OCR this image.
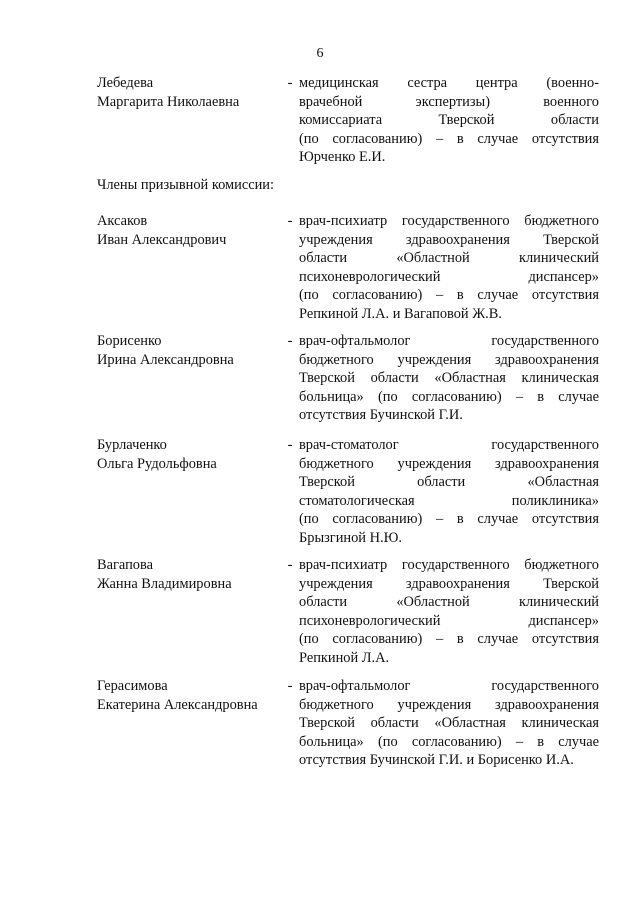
6
Лебедева
Маргарита Николаевна
- медицинская сестра центра (военно-
врачебной экспертизы) военного
комиссариата Тверской области
(по согласованию) – в случае отсутствия
Юрченко Е.И.
Члены призывной комиссии:
Аксаков
Иван Александрович
- врач-психиатр государственного бюджетного
учреждения здравоохранения Тверской
области «Областной клинический
психоневрологический диспансер»
(по согласованию) – в случае отсутствия
Репкиной Л.А. и Вагаповой Ж.В.
Борисенко
Ирина Александровна
- врач-офтальмолог государственного
бюджетного учреждения здравоохранения
Тверской области «Областная клиническая
больница» (по согласованию) – в случае
отсутствия Бучинской Г.И.
Бурлаченко
Ольга Рудольфовна
- врач-стоматолог государственного
бюджетного учреждения здравоохранения
Тверской области «Областная
стоматологическая поликлиника»
(по согласованию) – в случае отсутствия
Брызгиной Н.Ю.
Вагапова
Жанна Владимировна
- врач-психиатр государственного бюджетного
учреждения здравоохранения Тверской
области «Областной клинический
психоневрологический диспансер»
(по согласованию) – в случае отсутствия
Репкиной Л.А.
Герасимова
Екатерина Александровна
- врач-офтальмолог государственного
бюджетного учреждения здравоохранения
Тверской области «Областная клиническая
больница» (по согласованию) – в случае
отсутствия Бучинской Г.И. и Борисенко И.А.
